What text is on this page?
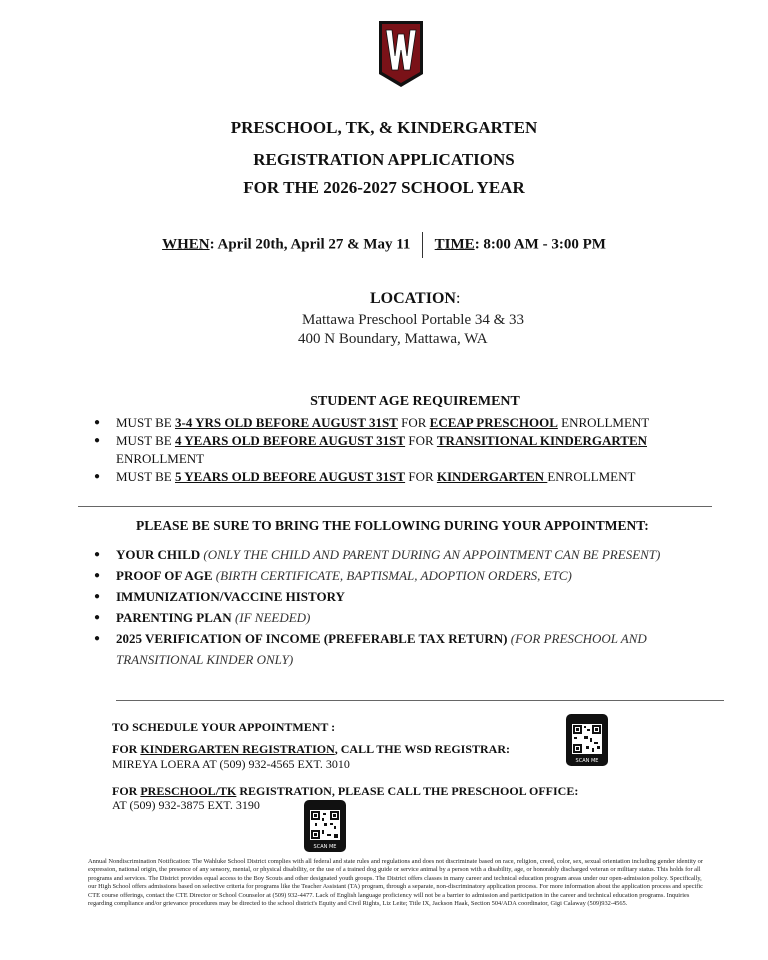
PRESCHOOL, TK, & KINDERGARTEN
REGISTRATION APPLICATIONS
FOR THE 2026-2027 SCHOOL YEAR
WHEN: April 20th, April 27 & May 11 TIME: 8:00 AM - 3:00 PM
LOCATION:
Mattawa Preschool Portable 34 & 33
400 N Boundary, Mattawa, WA
STUDENT AGE REQUIREMENT
● MUST BE 3-4 YRS OLD BEFORE AUGUST 31ST FOR ECEAP PRESCHOOL ENROLLMENT
● MUST BE 4 YEARS OLD BEFORE AUGUST 31ST FOR TRANSITIONAL KINDERGARTEN ENROLLMENT
● MUST BE 5 YEARS OLD BEFORE AUGUST 31ST FOR KINDERGARTEN ENROLLMENT
PLEASE BE SURE TO BRING THE FOLLOWING DURING YOUR APPOINTMENT:
● YOUR CHILD (ONLY THE CHILD AND PARENT DURING AN APPOINTMENT CAN BE PRESENT)
● PROOF OF AGE (BIRTH CERTIFICATE, BAPTISMAL, ADOPTION ORDERS, ETC)
● IMMUNIZATION/VACCINE HISTORY
● PARENTING PLAN (IF NEEDED)
● 2025 VERIFICATION OF INCOME (PREFERABLE TAX RETURN) (FOR PRESCHOOL AND TRANSITIONAL KINDER ONLY)
TO SCHEDULE YOUR APPOINTMENT :
FOR KINDERGARTEN REGISTRATION, CALL THE WSD REGISTRAR:
MIREYA LOERA AT (509) 932-4565 EXT. 3010
FOR PRESCHOOL/TK REGISTRATION, PLEASE CALL THE PRESCHOOL OFFICE:
AT (509) 932-3875 EXT. 3190
SCAN ME
SCAN ME
Annual Nondiscrimination Notification: The Wahluke School District complies with all federal and state rules and regulations and does not discriminate based on race, religion, creed, color, sex, sexual orientation including gender identity or expression, national origin, the presence of any sensory, mental, or physical disability, or the use of a trained dog guide or service animal by a person with a disability, age, or honorably discharged veteran or military status. This holds for all programs and services. The District provides equal access to the Boy Scouts and other designated youth groups. The District offers classes in many career and technical education program areas under our open-admission policy. Specifically, our High School offers admissions based on selective criteria for programs like the Teacher Assistant (TA) program, through a separate, non-discriminatory application process. For more information about the application process and specific CTE course offerings, contact the CTE Director or School Counselor at (509) 932-4477. Lack of English language proficiency will not be a barrier to admission and participation in the career and technical education programs. Inquiries regarding compliance and/or grievance procedures may be directed to the school district's Equity and Civil Rights, Liz Leite; Title IX, Jackson Haak, Section 504/ADA coordinator, Gigi Calaway (509)932-4565.
